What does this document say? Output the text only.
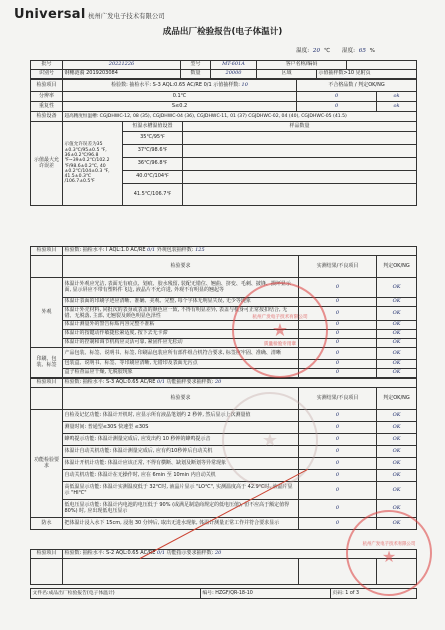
Universal 杭州广发电子技术有限公司
成品出厂检验报告(电子体温计)
温度: 20 ℃ 湿度: 65 %
批号	20221226	型号	MT-601A	客户名称/编码		
识别号	钢穗涟漪 2019203084	数量	20000	区域	示值抽样数>10 见附页	
检验项目	检验数: 抽检水平: S-3 AQL:0.65 AC/RE 0/1 示值抽样数: 10			不合格品数 / 判定OK/NG	
分辨率	0.1℃			0	ok
重复性	S≤0.2			0	ok
检验设备	超高精度恒温槽: CGJDHWC-12, 08 (35), CGJDHWC-04 (36), CGJDHWC-11, 01 (37) CGJDHWC-02, 04 (40), CGJDHWC-05 (41.5)				
示值最大允许误差	示值允许误差为35 ±0.3℃/95±0.5 ℉, 36±0.2℃/96.8 ℉~39±0.2℃/102.2 ℉/98.6±0.2℃, 40 ±0.2℃/104±0.3 ℉, 41.5±0.3℃ /106.7±0.5℉	恒温水槽温值设置	样品数量		
		35℃/95℉			
		37℃/98.6℉			
		36℃/96.8℉			
		40.0℃/104℉			
		41.5℃/106.7℉			
检验项目	检验数: 抽检水平: I AQL:1.0 AC/RE 0/1 外观包装抽样数: 125		
	检验要求	实测结果/不良项目	判定OK/NG
外观	体温计外观应光洁, 表面无有痕点、划痕、胶水残留, 装配无错位、翘曲、挤变、毛刺、披锋、损坏显示面, 显示屏应不带有塑料件飞边, 液晶片不允许进, 外观不有明显的翘起等	0	OK
	体温计表面的印刷字迹应清晰、准确、美观、完整, 每个字体无明显失误, 无少等现象	0	OK
	体温计外壳材料, 同批次的表身或表盖的颜色应一致, 不得有明显差异, 表盖与机身可正常按扣结合, 无错、无脱落, 主部, 无翘裂及颜色明显色泽性	0	OK
	体温计测量外的警告标贴内容完整不准粘	0	OK
	体温计的按键动作敏捷松紧适度, 按下去无卡滞	0	OK
	体温计的控制和调节机构应灵活可靠, 紧固件应无松动	0	OK
印刷、包装、标签	产品包装、标签、说明书、标签, 印刷品包装应所有部件组合机符合要求, 标签应牢固、准确、清晰	0	OK
	包装盒、说明书、标签、等印刷应清晰, 无错印及表面无污点	0	OK
	盒子检查品应干燥, 无脱胶现象	0	OK
检验项目	检验数: 抽检水平: S-3 AQL:0.65 AC/RE 0/1 功能抽样要求抽样数: 20		
	检验要求	实测结果/不良项目	判定OK/NG
功能检验要求	自检及记忆功能: 体温计开机时, 应显示所有液晶笔划约 2 秒钟, 然后显示上次测量值	0	OK
	测量时间: 普通型≤30S 快速型 ≤30S	0	OK
	蜂鸣提示功能: 体温计测量完成后, 应发出约 10 秒钟的蜂鸣提示音	0	OK
	体温计自动关机功能: 体温计测量完成后, 应有约10秒钟后自动关机	0	OK
	体温计开机计功能: 体温计应该正常, 不得有横断、缺划及断划等异常现象	0	OK
	自动关机功能: 体温计在无操作时, 应在 6min 至 10min 内自动关机	0	OK
	高低温显示功能: 体温计实测温度低于 32℃时, 液晶片显示 "LO℃", 实测温度高于 42.9℃时, 液晶片显示 "HI℃"	0	OK
	低电压显示功能: 体温计内电池的电压低于 90% (或满足制造商规定的低电压值), 但不应高于额定值得 80%) 时, 应出现低电压显示	0	OK
防水	把体温计浸入水下 15cm, 浸泡 30 分钟后, 取出无进水现象, 体温计测量正常工作并符合要求显示	0	OK
检验项目	检验数: 抽检水平: S-2 AQL:0.65 AC/RE 0/1 功能指示要求抽样数: 20		

文件名:成品出厂检验报告(电子体温计)	编号: HZGF/QR-18-10	页码: 1 of 3
杭州广发电子技术有限公司
★
质量检验专用章
★
杭州广发电子技术有限公司
★
